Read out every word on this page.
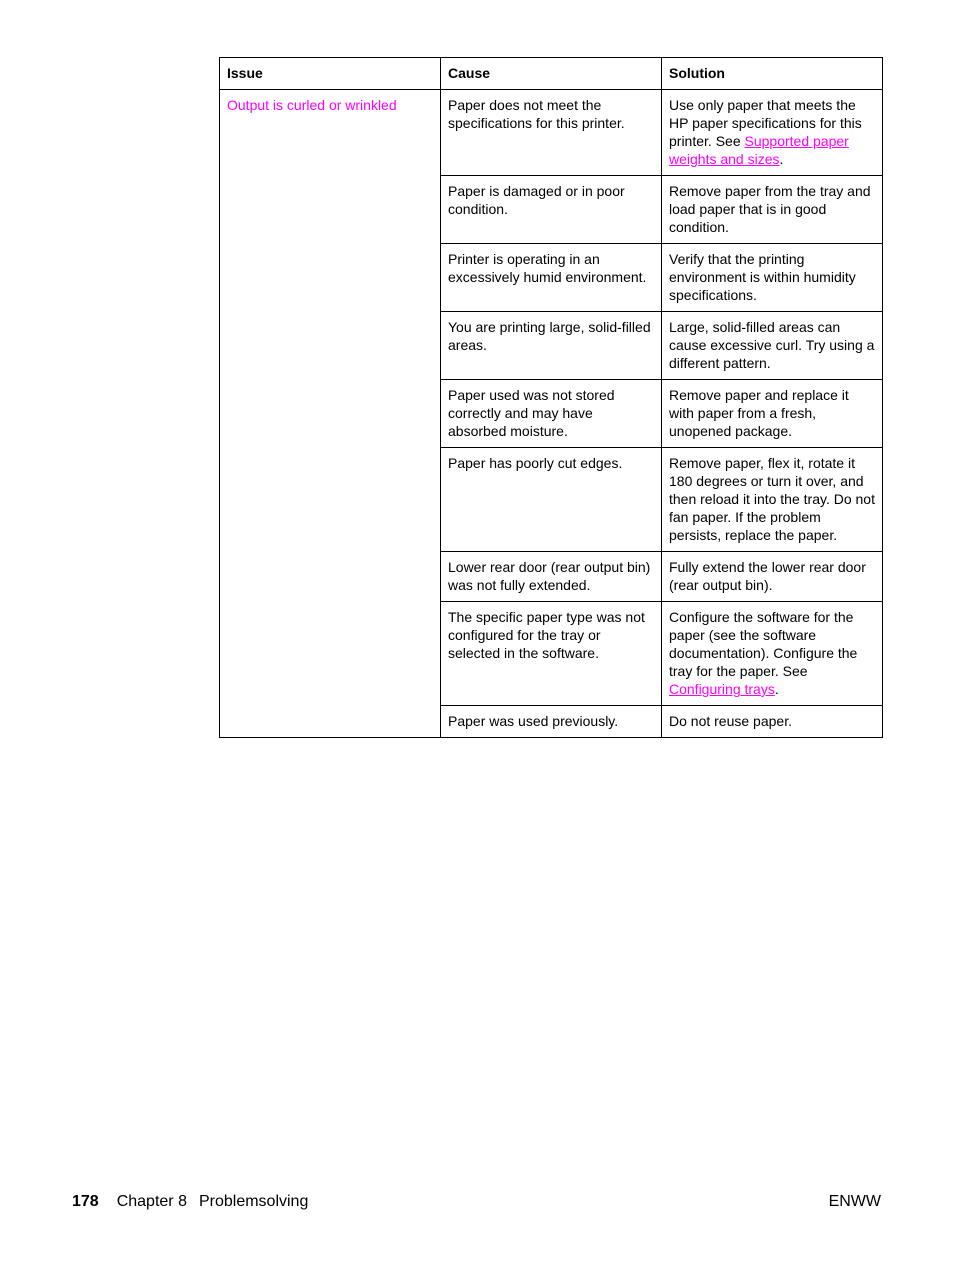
Issue	Cause	Solution
Output is curled or wrinkled	Paper does not meet the specifications for this printer.	Use only paper that meets the HP paper specifications for this printer. See Supported paper weights and sizes.
	Paper is damaged or in poor condition.	Remove paper from the tray and load paper that is in good condition.
	Printer is operating in an excessively humid environment.	Verify that the printing environment is within humidity specifications.
	You are printing large, solid-filled areas.	Large, solid-filled areas can cause excessive curl. Try using a different pattern.
	Paper used was not stored correctly and may have absorbed moisture.	Remove paper and replace it with paper from a fresh, unopened package.
	Paper has poorly cut edges.	Remove paper, flex it, rotate it 180 degrees or turn it over, and then reload it into the tray. Do not fan paper. If the problem persists, replace the paper.
	Lower rear door (rear output bin) was not fully extended.	Fully extend the lower rear door (rear output bin).
	The specific paper type was not configured for the tray or selected in the software.	Configure the software for the paper (see the software documentation). Configure the tray for the paper. See Configuring trays.
	Paper was used previously.	Do not reuse paper.
178 Chapter 8 Problemsolving	ENWW
